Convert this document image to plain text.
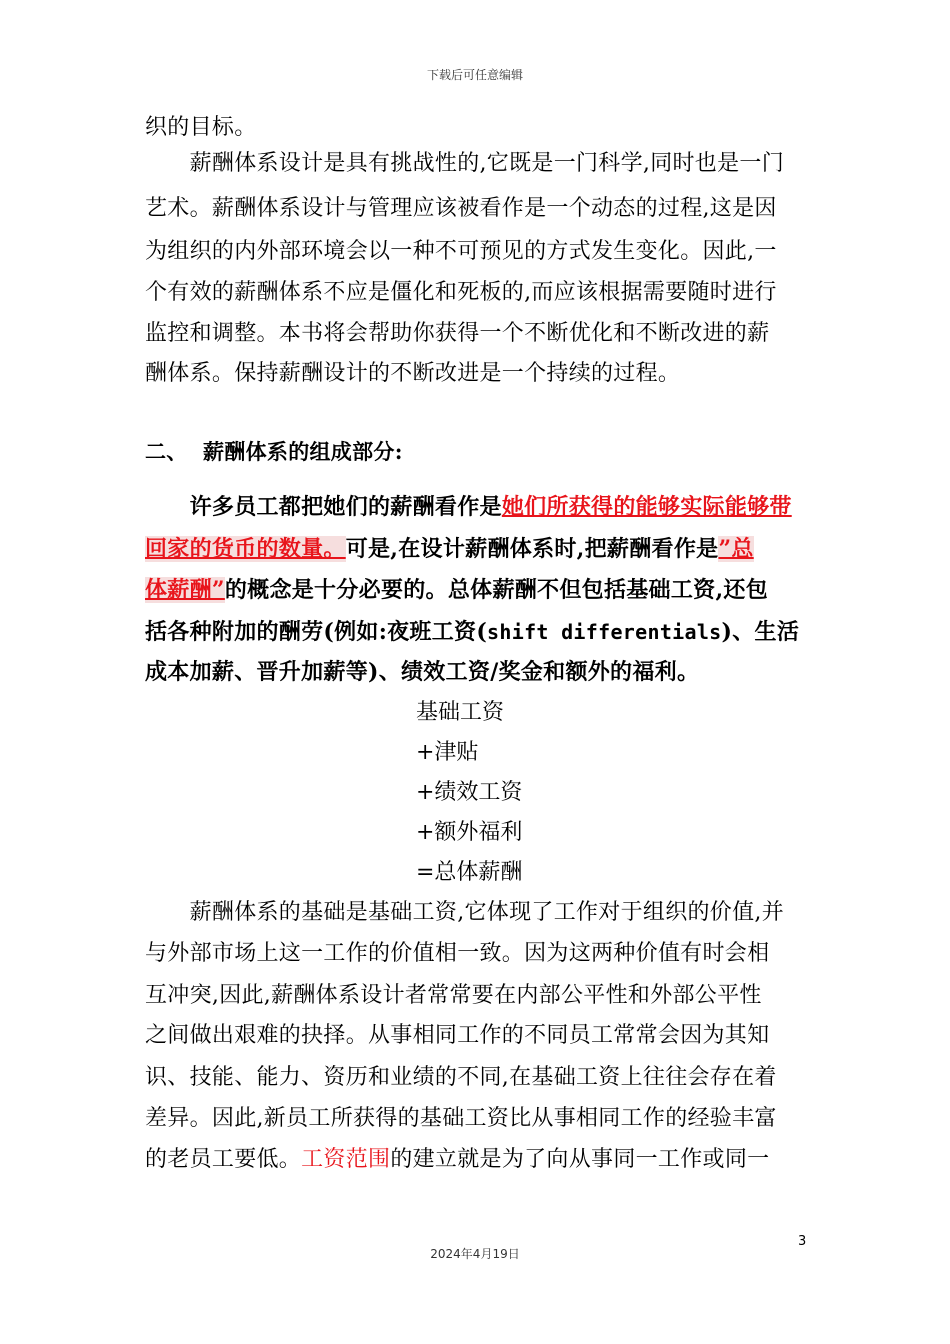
下载后可任意编辑
织的目标。
　　薪酬体系设计是具有挑战性的,它既是一门科学,同时也是一门
艺术。薪酬体系设计与管理应该被看作是一个动态的过程,这是因
为组织的内外部环境会以一种不可预见的方式发生变化。因此,一
个有效的薪酬体系不应是僵化和死板的,而应该根据需要随时进行
监控和调整。本书将会帮助你获得一个不断优化和不断改进的薪
酬体系。保持薪酬设计的不断改进是一个持续的过程。
二、 薪酬体系的组成部分:
　　许多员工都把她们的薪酬看作是她们所获得的能够实际能够带
回家的货币的数量。可是,在设计薪酬体系时,把薪酬看作是”总
体薪酬”的概念是十分必要的。总体薪酬不但包括基础工资,还包
括各种附加的酬劳(例如:夜班工资(shift differentials)、生活
成本加薪、晋升加薪等)、绩效工资/奖金和额外的福利。
基础工资
+津贴
+绩效工资
+额外福利
=总体薪酬
　　薪酬体系的基础是基础工资,它体现了工作对于组织的价值,并
与外部市场上这一工作的价值相一致。因为这两种价值有时会相
互冲突,因此,薪酬体系设计者常常要在内部公平性和外部公平性
之间做出艰难的抉择。从事相同工作的不同员工常常会因为其知
识、技能、能力、资历和业绩的不同,在基础工资上往往会存在着
差异。因此,新员工所获得的基础工资比从事相同工作的经验丰富
的老员工要低。工资范围的建立就是为了向从事同一工作或同一
3
2024年4月19日
